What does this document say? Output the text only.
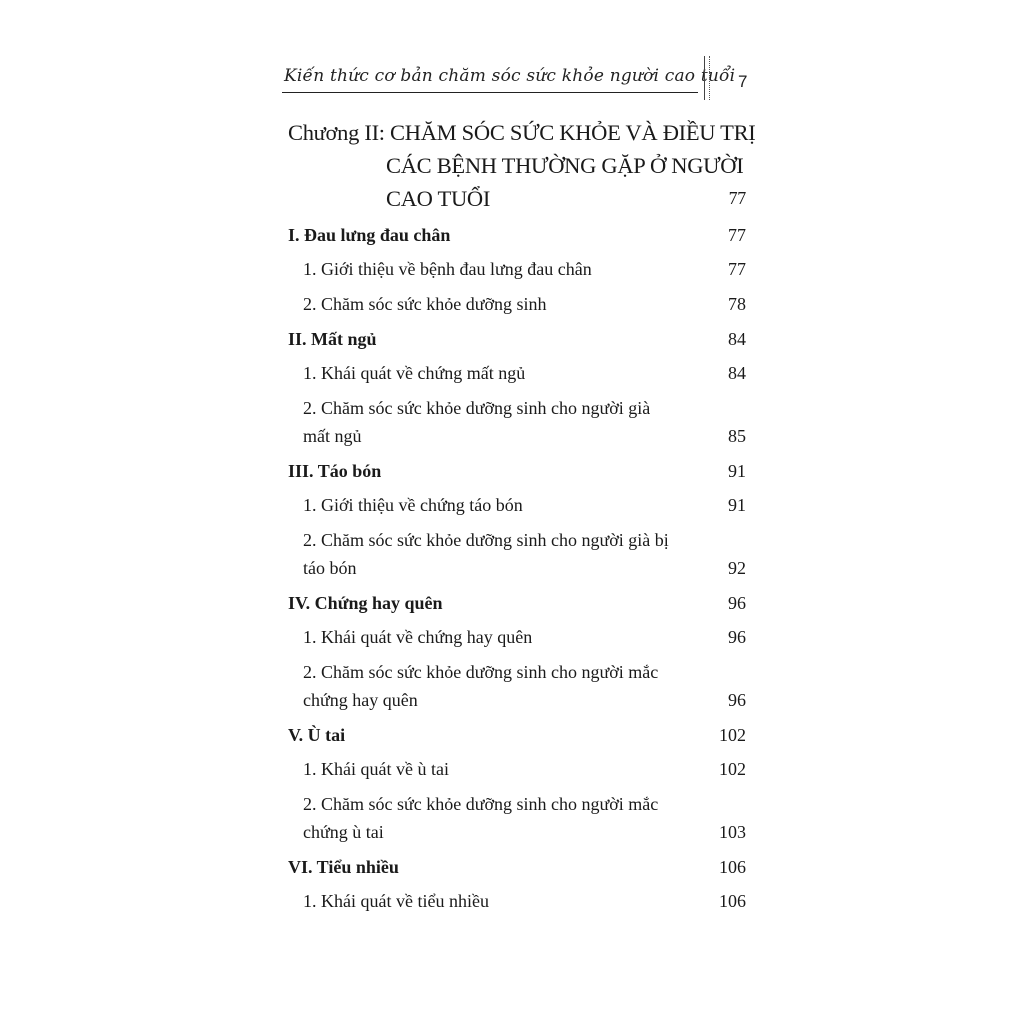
Kiến thức cơ bản chăm sóc sức khỏe người cao tuổi 7
Chương II: CHĂM SÓC SỨC KHỎE VÀ ĐIỀU TRỊ
CÁC BỆNH THƯỜNG GẶP Ở NGƯỜI
CAO TUỔI	77
I. Đau lưng đau chân	77
1. Giới thiệu về bệnh đau lưng đau chân	77
2. Chăm sóc sức khỏe dưỡng sinh	78
II. Mất ngủ	84
1. Khái quát về chứng mất ngủ	84
2. Chăm sóc sức khỏe dưỡng sinh cho người già
mất ngủ	85
III. Táo bón	91
1. Giới thiệu về chứng táo bón	91
2. Chăm sóc sức khỏe dưỡng sinh cho người già bị
táo bón	92
IV. Chứng hay quên	96
1. Khái quát về chứng hay quên	96
2. Chăm sóc sức khỏe dưỡng sinh cho người mắc
chứng hay quên	96
V. Ù tai	102
1. Khái quát về ù tai	102
2. Chăm sóc sức khỏe dưỡng sinh cho người mắc
chứng ù tai	103
VI. Tiểu nhiều	106
1. Khái quát về tiểu nhiều	106
